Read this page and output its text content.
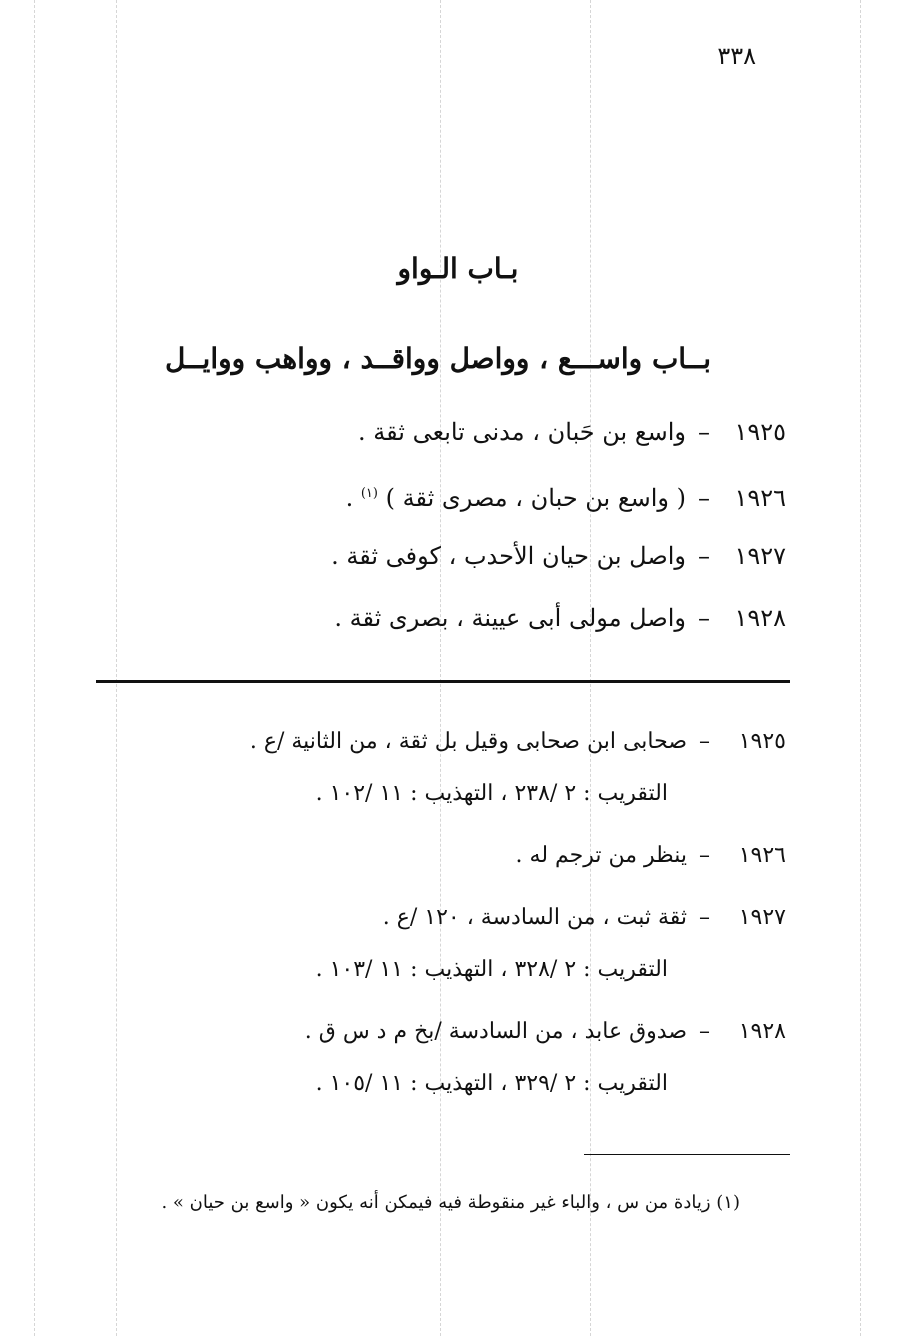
٣٣٨
بـاب الـواو
بــاب واســـع ، وواصل وواقــد ، وواهب ووايــل
١٩٢٥–واسع بن حَبان ، مدنى تابعى ثقة .
١٩٢٦–( واسع بن حبان ، مصرى ثقة ) $^{(١)}$ .
١٩٢٧–واصل بن حيان الأحدب ، كوفى ثقة .
١٩٢٨–واصل مولى أبى عيينة ، بصرى ثقة .
١٩٢٥–صحابى ابن صحابى وقيل بل ثقة ، من الثانية /ع .
التقريب : ٢ /٢٣٨ ، التهذيب : ١١ /١٠٢ .
١٩٢٦–ينظر من ترجم له .
١٩٢٧–ثقة ثبت ، من السادسة ، ١٢٠ /ع .
التقريب : ٢ /٣٢٨ ، التهذيب : ١١ /١٠٣ .
١٩٢٨–صدوق عابد ، من السادسة /بخ م د س ق .
التقريب : ٢ /٣٢٩ ، التهذيب : ١١ /١٠٥ .
(١) زيادة من س ، والباء غير منقوطة فيه فيمكن أنه يكون « واسع بن حيان » .
